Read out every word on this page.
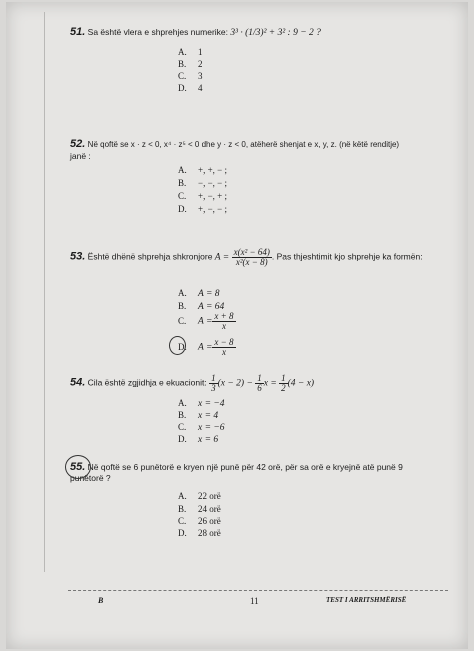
51. Sa është vlera e shprehjes numerike: 3³ · (1/3)² + 3² : 9 − 2 ?
A. 1
B. 2
C. 3
D. 4
52. Në qoftë se x · z < 0, x⁴ · z⁵ < 0 dhe y · z < 0, atëherë shenjat e x, y, z. (në këtë renditje)
janë :
A. +, +, − ;
B. −, −, − ;
C. +, −, + ;
D. +, −, − ;
53. Është dhënë shprehja shkronjore $A = \frac{\text{x(x² − 64)}}{\text{x²(x − 8)}}$ . Pas thjeshtimit kjo shprehje ka formën:
A. A = 8
B. A = 64
C. $A = \frac{x + 8}{x}$
D. $A = \frac{x - 8}{x}$
54. Cila është zgjidhja e ekuacionit: $\frac{1}{3} (x - 2) - \frac{1}{6}$ $x = \frac{1}{2} (4 - x)$
A. x = −4
B. x = 4
C. x = −6
D. x = 6
55. Në qoftë se 6 punëtorë e kryen një punë për 42 orë, për sa orë e kryejnë atë punë 9
punëtorë ?
A. 22 orë
B. 24 orë
C. 26 orë
D. 28 orë
B	11	TEST I ARRITSHMËRISË
